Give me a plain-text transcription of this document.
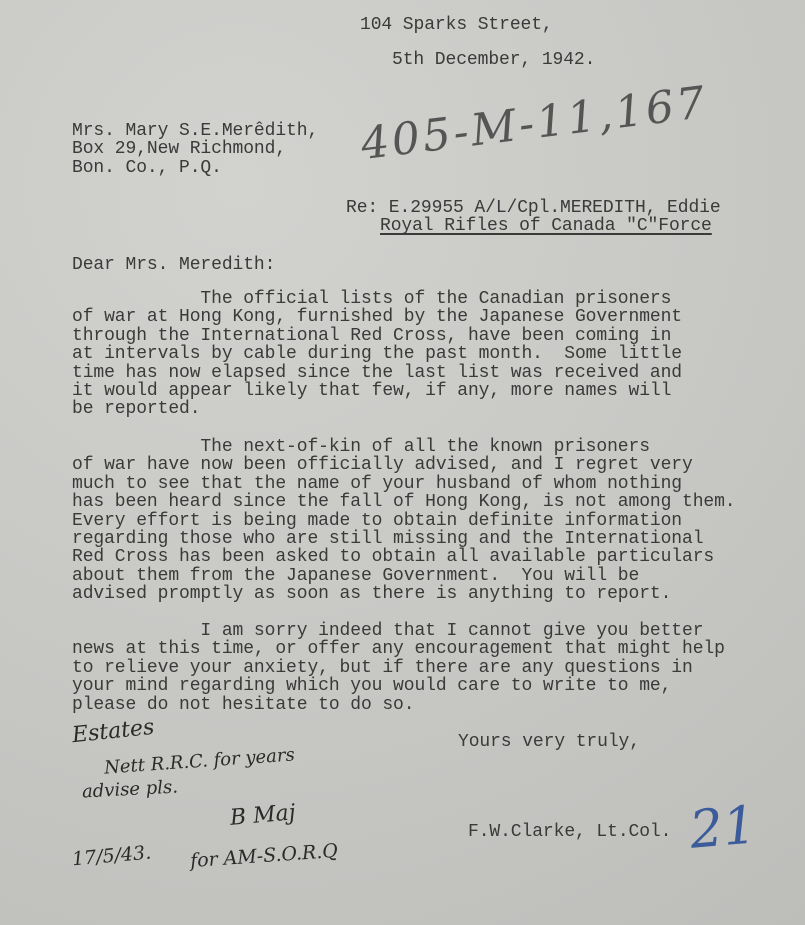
104 Sparks Street,
5th December, 1942.
Mrs. Mary S.E.Merêdith,
Box 29,New Richmond,
Bon. Co., P.Q.	405-M-11,167
Re: E.29955 A/L/Cpl.MEREDITH, Eddie
Royal Rifles of Canada "C"Force
Dear Mrs. Meredith:
The official lists of the Canadian prisoners
of war at Hong Kong, furnished by the Japanese Government
through the International Red Cross, have been coming in
at intervals by cable during the past month.  Some little
time has now elapsed since the last list was received and
it would appear likely that few, if any, more names will
be reported.
The next-of-kin of all the known prisoners
of war have now been officially advised, and I regret very
much to see that the name of your husband of whom nothing
has been heard since the fall of Hong Kong, is not among them.
Every effort is being made to obtain definite information
regarding those who are still missing and the International
Red Cross has been asked to obtain all available particulars
about them from the Japanese Government.  You will be
advised promptly as soon as there is anything to report.
I am sorry indeed that I cannot give you better
news at this time, or offer any encouragement that might help
to relieve your anxiety, but if there are any questions in
your mind regarding which you would care to write to me,
please do not hesitate to do so.
Yours very truly,
F.W.Clarke, Lt.Col. 21
Estates
Nett R.R.C. for years
advise pls.
B Maj
17/5/43. for AM-S.O.R.Q
